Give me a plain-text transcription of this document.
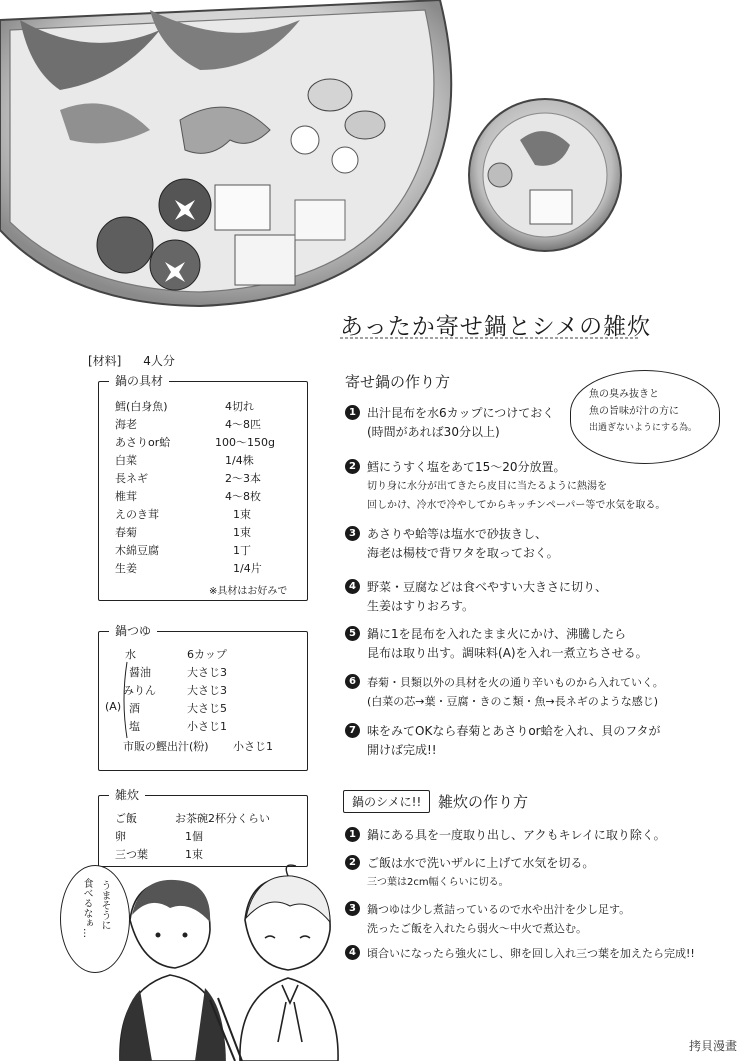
あったか寄せ鍋とシメの雑炊
[材料] 4人分
鍋の具材
鱈(白身魚)	4切れ
海老	4～8匹
あさりor蛤	100～150g
白菜	1/4株
長ネギ	2～3本
椎茸	4～8枚
えのき茸	1束
春菊	1束
木綿豆腐	1丁
生姜	1/4片
※具材はお好みで
鍋つゆ
水	6カップ
醤油	大さじ3
みりん	大さじ3
(A) 酒	大さじ5
塩	小さじ1
市販の鰹出汁(粉) 小さじ1
雑炊
ご飯	お茶碗2杯分くらい
卵	1個
三つ葉	1束
寄せ鍋の作り方
魚の臭み抜きと
魚の旨味が汁の方に
出過ぎないようにする為。
1 出汁昆布を水6カップにつけておく
(時間があれば30分以上)
2 鱈にうすく塩をあて15～20分放置。
切り身に水分が出てきたら皮目に当たるように熱湯を
回しかけ、冷水で冷やしてからキッチンペーパー等で水気を取る。
3 あさりや蛤等は塩水で砂抜きし、
海老は楊枝で背ワタを取っておく。
4 野菜・豆腐などは食べやすい大きさに切り、
生姜はすりおろす。
5 鍋に1を昆布を入れたまま火にかけ、沸騰したら
昆布は取り出す。調味料(A)を入れ一煮立ちさせる。
6	春菊・貝類以外の具材を火の通り辛いものから入れていく。
(白菜の芯→葉・豆腐・きのこ類・魚→長ネギのような感じ)
7 味をみてOKなら春菊とあさりor蛤を入れ、貝のフタが
開けば完成!!
鍋のシメに!!	雑炊の作り方
1 鍋にある具を一度取り出し、アクもキレイに取り除く。
2 ご飯は水で洗いザルに上げて水気を切る。
三つ葉は2cm幅くらいに切る。
3	鍋つゆは少し煮詰っているので水や出汁を少し足す。
洗ったご飯を入れたら弱火～中火で煮込む。
4	頃合いになったら強火にし、卵を回し入れ三つ葉を加えたら完成!!
うまそうに
食べるなぁ…
拷貝漫畫
